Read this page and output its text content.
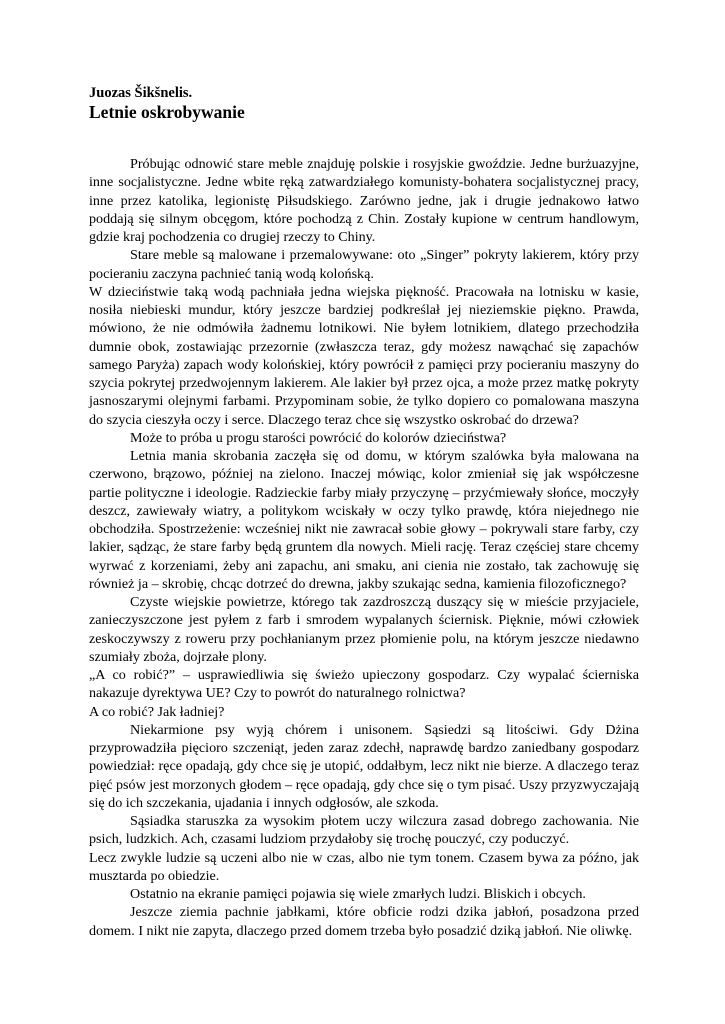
Juozas Šikšnelis.
Letnie oskrobywanie

Próbując odnowić stare meble znajduję polskie i rosyjskie gwoździe. Jedne burżuazyjne, inne socjalistyczne. Jedne wbite ręką zatwardziałego komunisty-bohatera socjalistycznej pracy, inne przez katolika, legionistę Piłsudskiego. Zarówno jedne, jak i drugie jednakowo łatwo poddają się silnym obcęgom, które pochodzą z Chin. Zostały kupione w centrum handlowym, gdzie kraj pochodzenia co drugiej rzeczy to Chiny.

Stare meble są malowane i przemalowywane: oto „Singer” pokryty lakierem, który przy pocieraniu zaczyna pachnieć tanią wodą kolońską.

W dzieciństwie taką wodą pachniała jedna wiejska piękność. Pracowała na lotnisku w kasie, nosiła niebieski mundur, który jeszcze bardziej podkreślał jej nieziemskie piękno. Prawda, mówiono, że nie odmówiła żadnemu lotnikowi. Nie byłem lotnikiem, dlatego przechodziła dumnie obok, zostawiając przezornie (zwłaszcza teraz, gdy możesz nawąchać się zapachów samego Paryża) zapach wody kolońskiej, który powrócił z pamięci przy pocieraniu maszyny do szycia pokrytej przedwojennym lakierem. Ale lakier był przez ojca, a może przez matkę pokryty jasnoszarymi olejnymi farbami. Przypominam sobie, że tylko dopiero co pomalowana maszyna do szycia cieszyła oczy i serce. Dlaczego teraz chce się wszystko oskrobać do drzewa?

Może to próba u progu starości powrócić do kolorów dzieciństwa?

Letnia mania skrobania zaczęła się od domu, w którym szalówka była malowana na czerwono, brązowo, później na zielono. Inaczej mówiąc, kolor zmieniał się jak współczesne partie polityczne i ideologie. Radzieckie farby miały przyczynę – przyćmiewały słońce, moczyły deszcz, zawiewały wiatry, a politykom wciskały w oczy tylko prawdę, która niejednego nie obchodziła. Spostrzeżenie: wcześniej nikt nie zawracał sobie głowy – pokrywali stare farby, czy lakier, sądząc, że stare farby będą gruntem dla nowych. Mieli rację. Teraz częściej stare chcemy wyrwać z korzeniami, żeby ani zapachu, ani smaku, ani cienia nie zostało, tak zachowuję się również ja – skrobię, chcąc dotrzeć do drewna, jakby szukając sedna, kamienia filozoficznego?

Czyste wiejskie powietrze, którego tak zazdroszczą duszący się w mieście przyjaciele, zanieczyszczone jest pyłem z farb i smrodem wypalanych ściernisk. Pięknie, mówi człowiek zeskoczywszy z roweru przy pochłanianym przez płomienie polu, na którym jeszcze niedawno szumiały zboża, dojrzałe plony.

„A co robić?” – usprawiedliwia się świeżo upieczony gospodarz. Czy wypalać ścierniska nakazuje dyrektywa UE? Czy to powrót do naturalnego rolnictwa?

A co robić? Jak ładniej?

Niekarmione psy wyją chórem i unisonem. Sąsiedzi są litościwi. Gdy Dżina przyprowadziła pięcioro szczeniąt, jeden zaraz zdechł, naprawdę bardzo zaniedbany gospodarz powiedział: ręce opadają, gdy chce się je utopić, oddałbym, lecz nikt nie bierze. A dlaczego teraz pięć psów jest morzonych głodem – ręce opadają, gdy chce się o tym pisać. Uszy przyzwyczajają się do ich szczekania, ujadania i innych odgłosów, ale szkoda.

Sąsiadka staruszka za wysokim płotem uczy wilczura zasad dobrego zachowania. Nie psich, ludzkich. Ach, czasami ludziom przydałoby się trochę pouczyć, czy poduczyć.

Lecz zwykle ludzie są uczeni albo nie w czas, albo nie tym tonem. Czasem bywa za późno, jak musztarda po obiedzie.

Ostatnio na ekranie pamięci pojawia się wiele zmarłych ludzi. Bliskich i obcych.

Jeszcze ziemia pachnie jabłkami, które obficie rodzi dzika jabłoń, posadzona przed domem. I nikt nie zapyta, dlaczego przed domem trzeba było posadzić dziką jabłoń. Nie oliwkę.
